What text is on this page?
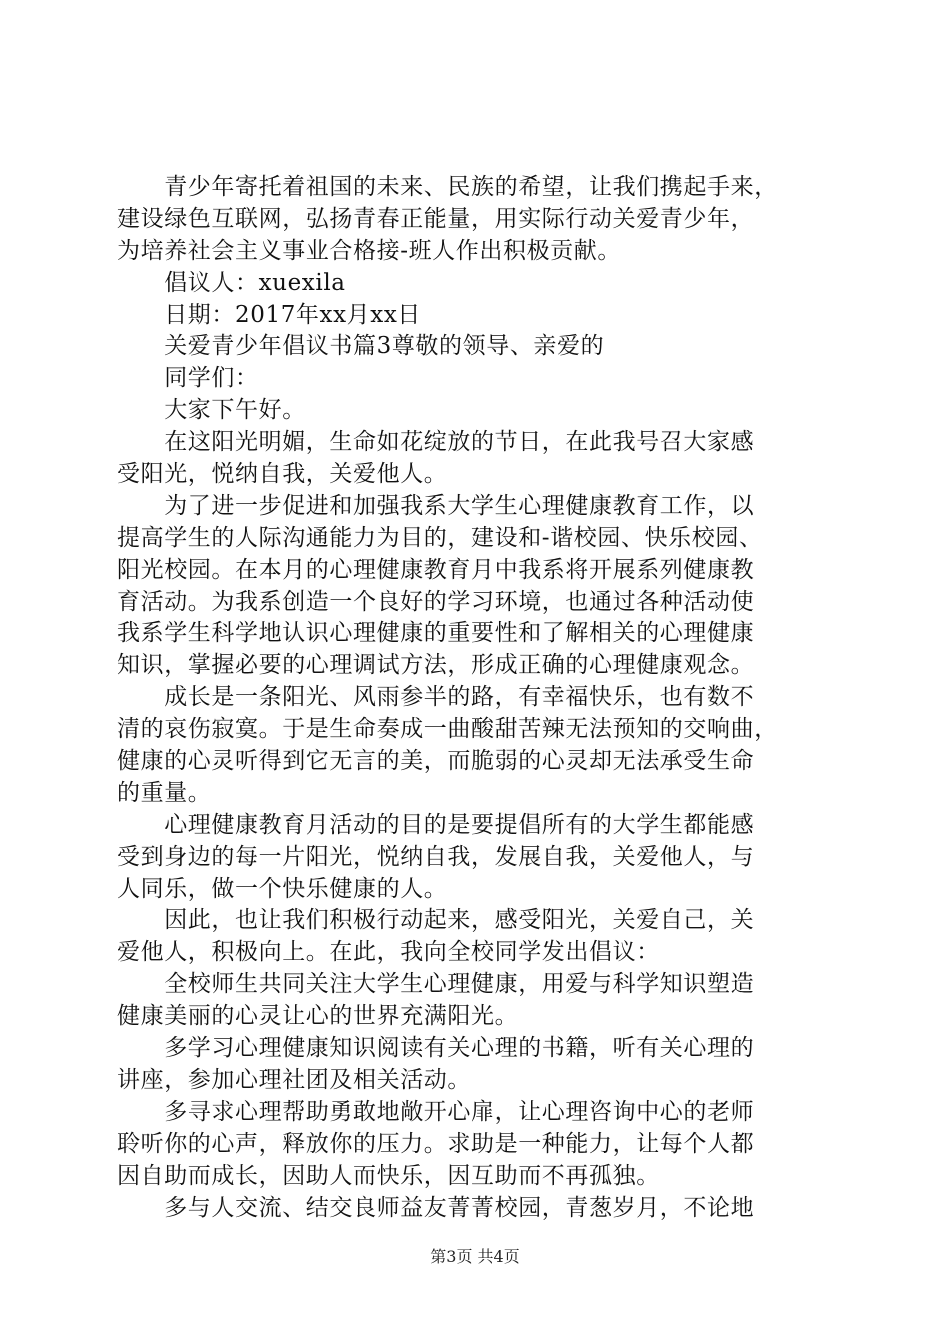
　　青少年寄托着祖国的未来、民族的希望，让我们携起手来，
建设绿色互联网，弘扬青春正能量，用实际行动关爱青少年，
为培养社会主义事业合格接-班人作出积极贡献。
　　倡议人：xuexila
　　日期：2017年xx月xx日
　　关爱青少年倡议书篇3尊敬的领导、亲爱的
　　同学们：
　　大家下午好。
　　在这阳光明媚，生命如花绽放的节日，在此我号召大家感
受阳光，悦纳自我，关爱他人。
　　为了进一步促进和加强我系大学生心理健康教育工作，以
提高学生的人际沟通能力为目的，建设和-谐校园、快乐校园、
阳光校园。在本月的心理健康教育月中我系将开展系列健康教
育活动。为我系创造一个良好的学习环境，也通过各种活动使
我系学生科学地认识心理健康的重要性和了解相关的心理健康
知识，掌握必要的心理调试方法，形成正确的心理健康观念。
　　成长是一条阳光、风雨参半的路，有幸福快乐，也有数不
清的哀伤寂寞。于是生命奏成一曲酸甜苦辣无法预知的交响曲，
健康的心灵听得到它无言的美，而脆弱的心灵却无法承受生命
的重量。
　　心理健康教育月活动的目的是要提倡所有的大学生都能感
受到身边的每一片阳光，悦纳自我，发展自我，关爱他人，与
人同乐，做一个快乐健康的人。
　　因此，也让我们积极行动起来，感受阳光，关爱自己，关
爱他人，积极向上。在此，我向全校同学发出倡议：
　　全校师生共同关注大学生心理健康，用爱与科学知识塑造
健康美丽的心灵让心的世界充满阳光。
　　多学习心理健康知识阅读有关心理的书籍，听有关心理的
讲座，参加心理社团及相关活动。
　　多寻求心理帮助勇敢地敞开心扉，让心理咨询中心的老师
聆听你的心声，释放你的压力。求助是一种能力，让每个人都
因自助而成长，因助人而快乐，因互助而不再孤独。
　　多与人交流、结交良师益友菁菁校园，青葱岁月，不论地
第3页 共4页
